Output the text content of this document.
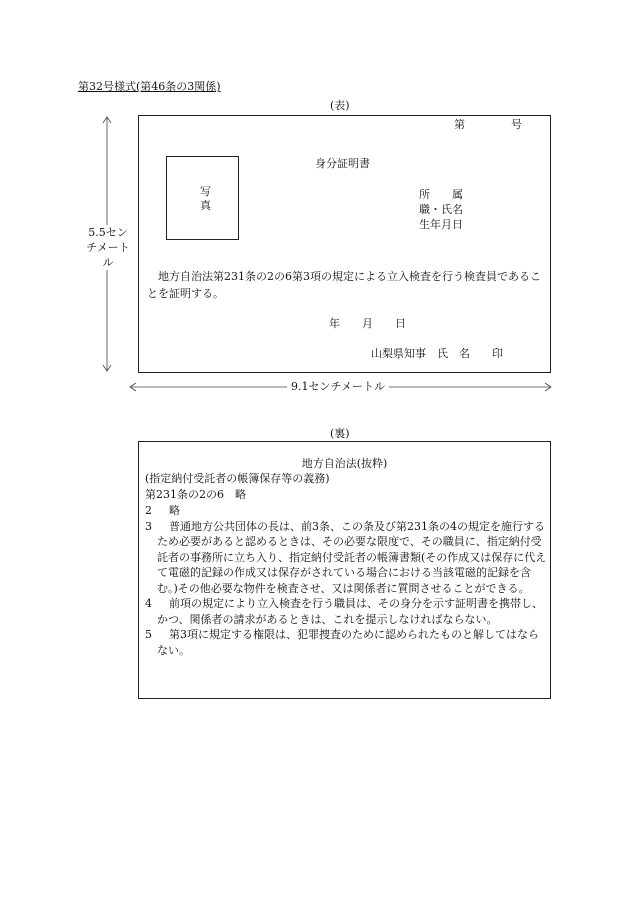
第32号様式(第46条の3関係)
(表)
5.5センチメートル
第	号
写真
身分証明書
所　　属
職・氏名
生年月日
地方自治法第231条の2の6第3項の規定による立入検査を行う検査員であることを証明する。
年　　月　　日
山梨県知事　氏　名　　印
9.1センチメートル
(裏)
地方自治法(抜粋)
(指定納付受託者の帳簿保存等の義務)
第231条の2の6　略
2	略
3	普通地方公共団体の長は、前3条、この条及び第231条の4の規定を施行するため必要があると認めるときは、その必要な限度で、その職員に、指定納付受託者の事務所に立ち入り、指定納付受託者の帳簿書類(その作成又は保存に代えて電磁的記録の作成又は保存がされている場合における当該電磁的記録を含む。)その他必要な物件を検査させ、又は関係者に質問させることができる。
4	前項の規定により立入検査を行う職員は、その身分を示す証明書を携帯し、かつ、関係者の請求があるときは、これを提示しなければならない。
5	第3項に規定する権限は、犯罪捜査のために認められたものと解してはならない。
